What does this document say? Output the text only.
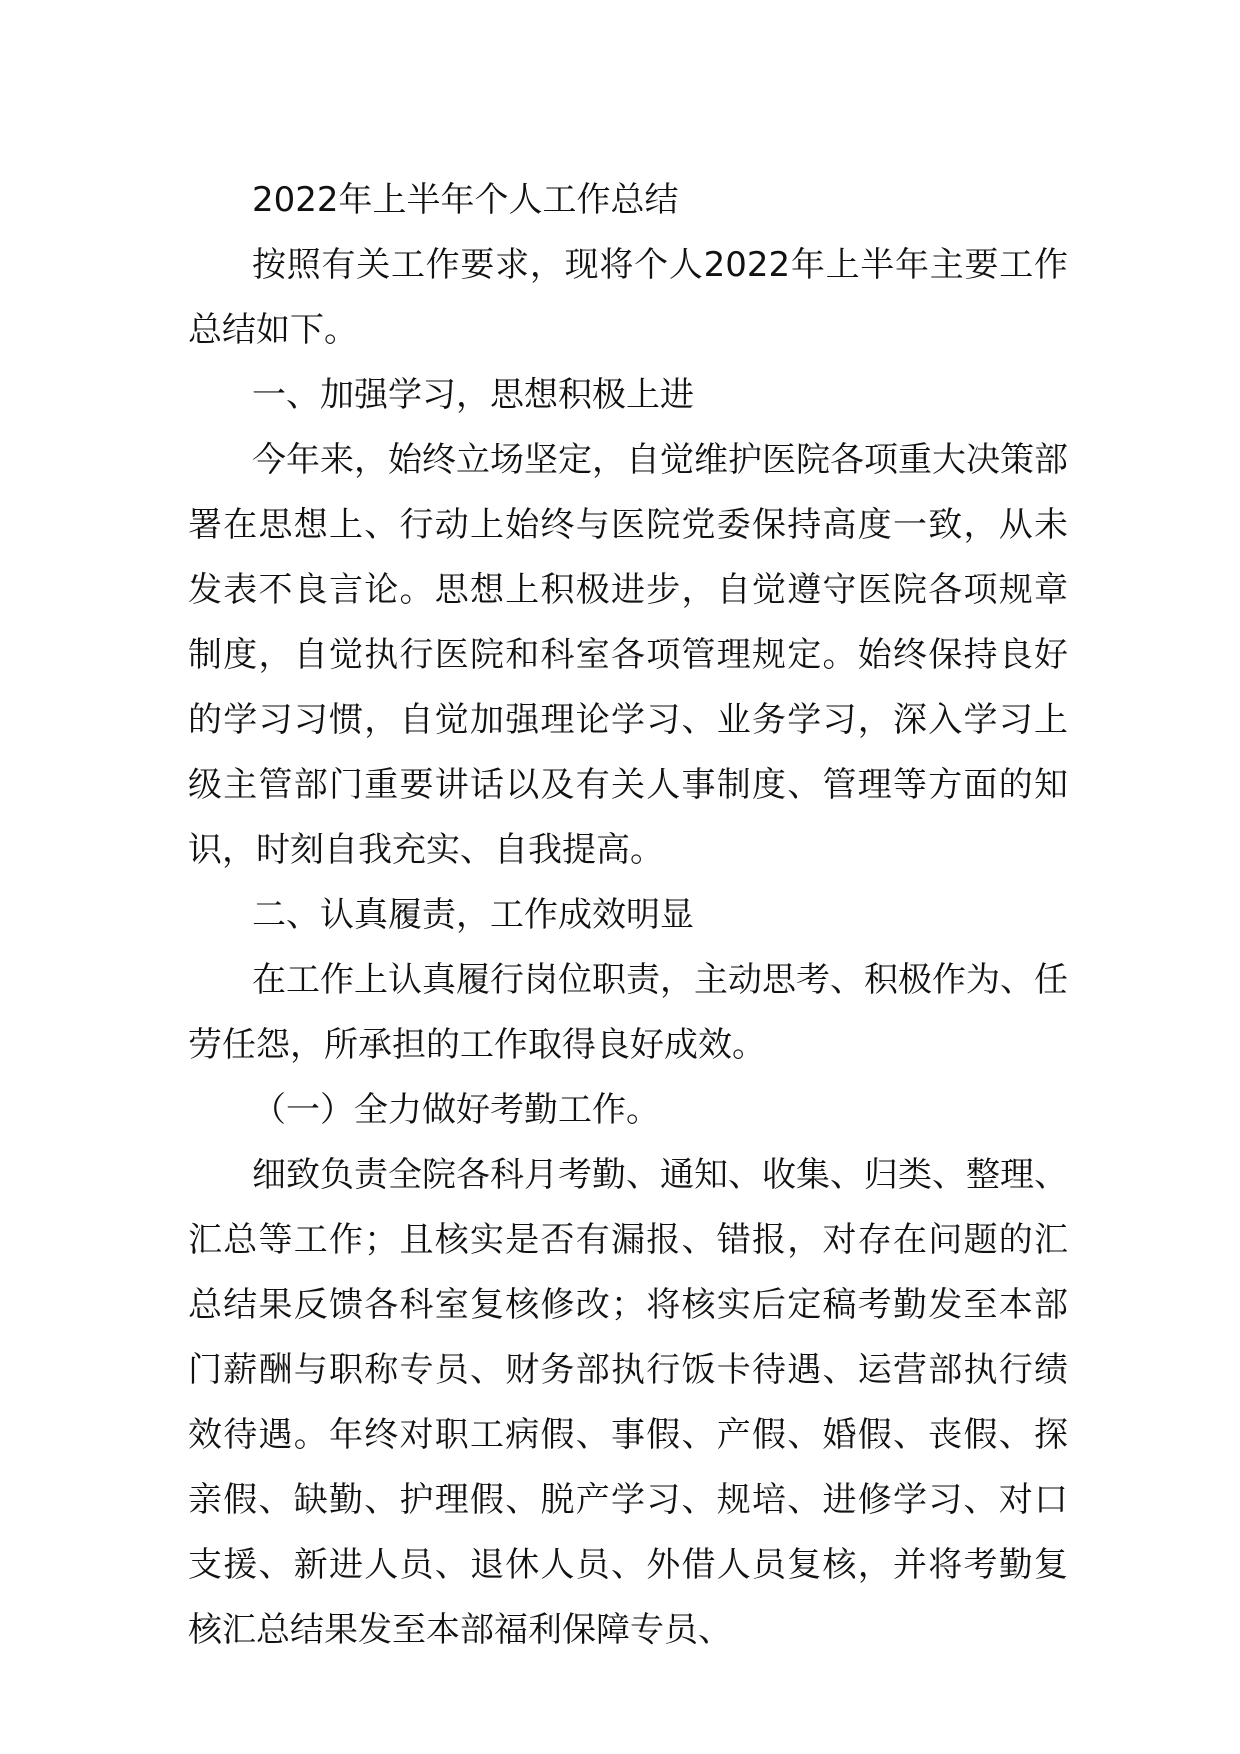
2022年上半年个人工作总结

按照有关工作要求，现将个人2022年上半年主要工作总结如下。

一、加强学习，思想积极上进

今年来，始终立场坚定，自觉维护医院各项重大决策部署在思想上、行动上始终与医院党委保持高度一致，从未发表不良言论。思想上积极进步，自觉遵守医院各项规章制度，自觉执行医院和科室各项管理规定。始终保持良好的学习习惯，自觉加强理论学习、业务学习，深入学习上级主管部门重要讲话以及有关人事制度、管理等方面的知识，时刻自我充实、自我提高。

二、认真履责，工作成效明显

在工作上认真履行岗位职责，主动思考、积极作为、任劳任怨，所承担的工作取得良好成效。

（一）全力做好考勤工作。

细致负责全院各科月考勤、通知、收集、归类、整理、汇总等工作；且核实是否有漏报、错报，对存在问题的汇总结果反馈各科室复核修改；将核实后定稿考勤发至本部门薪酬与职称专员、财务部执行饭卡待遇、运营部执行绩效待遇。年终对职工病假、事假、产假、婚假、丧假、探亲假、缺勤、护理假、脱产学习、规培、进修学习、对口支援、新进人员、退休人员、外借人员复核，并将考勤复核汇总结果发至本部福利保障专员、
